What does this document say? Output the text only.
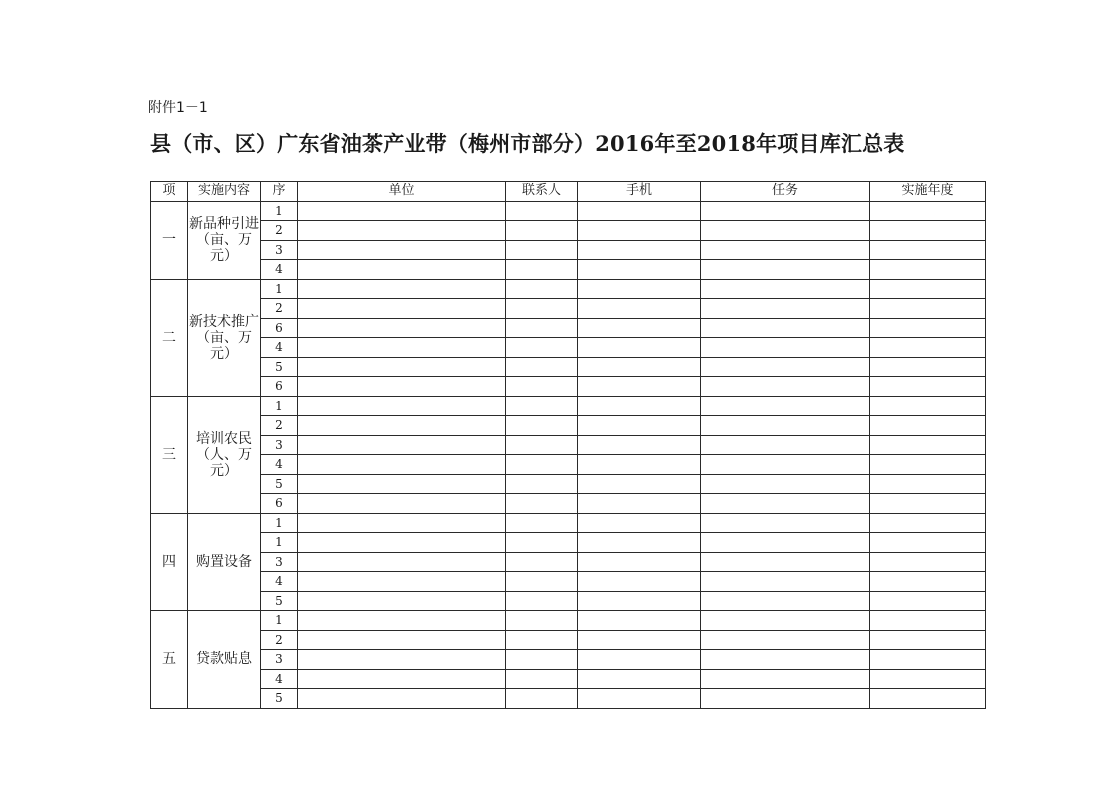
附件1－1
县（市、区）广东省油茶产业带（梅州市部分）2016年至2018年项目库汇总表
项	实施内容	序	单位	联系人	手机	任务	实施年度
一	新品种引进（亩、万元）	1					
		2					
		3					
		4					
二	新技术推广（亩、万元）	1					
		2					
		6					
		4					
		5					
		6					
三	培训农民（人、万元）	1					
		2					
		3					
		4					
		5					
		6					
四	购置设备	1					
		1					
		3					
		4					
		5					
五	贷款贴息	1					
		2					
		3					
		4					
		5					
